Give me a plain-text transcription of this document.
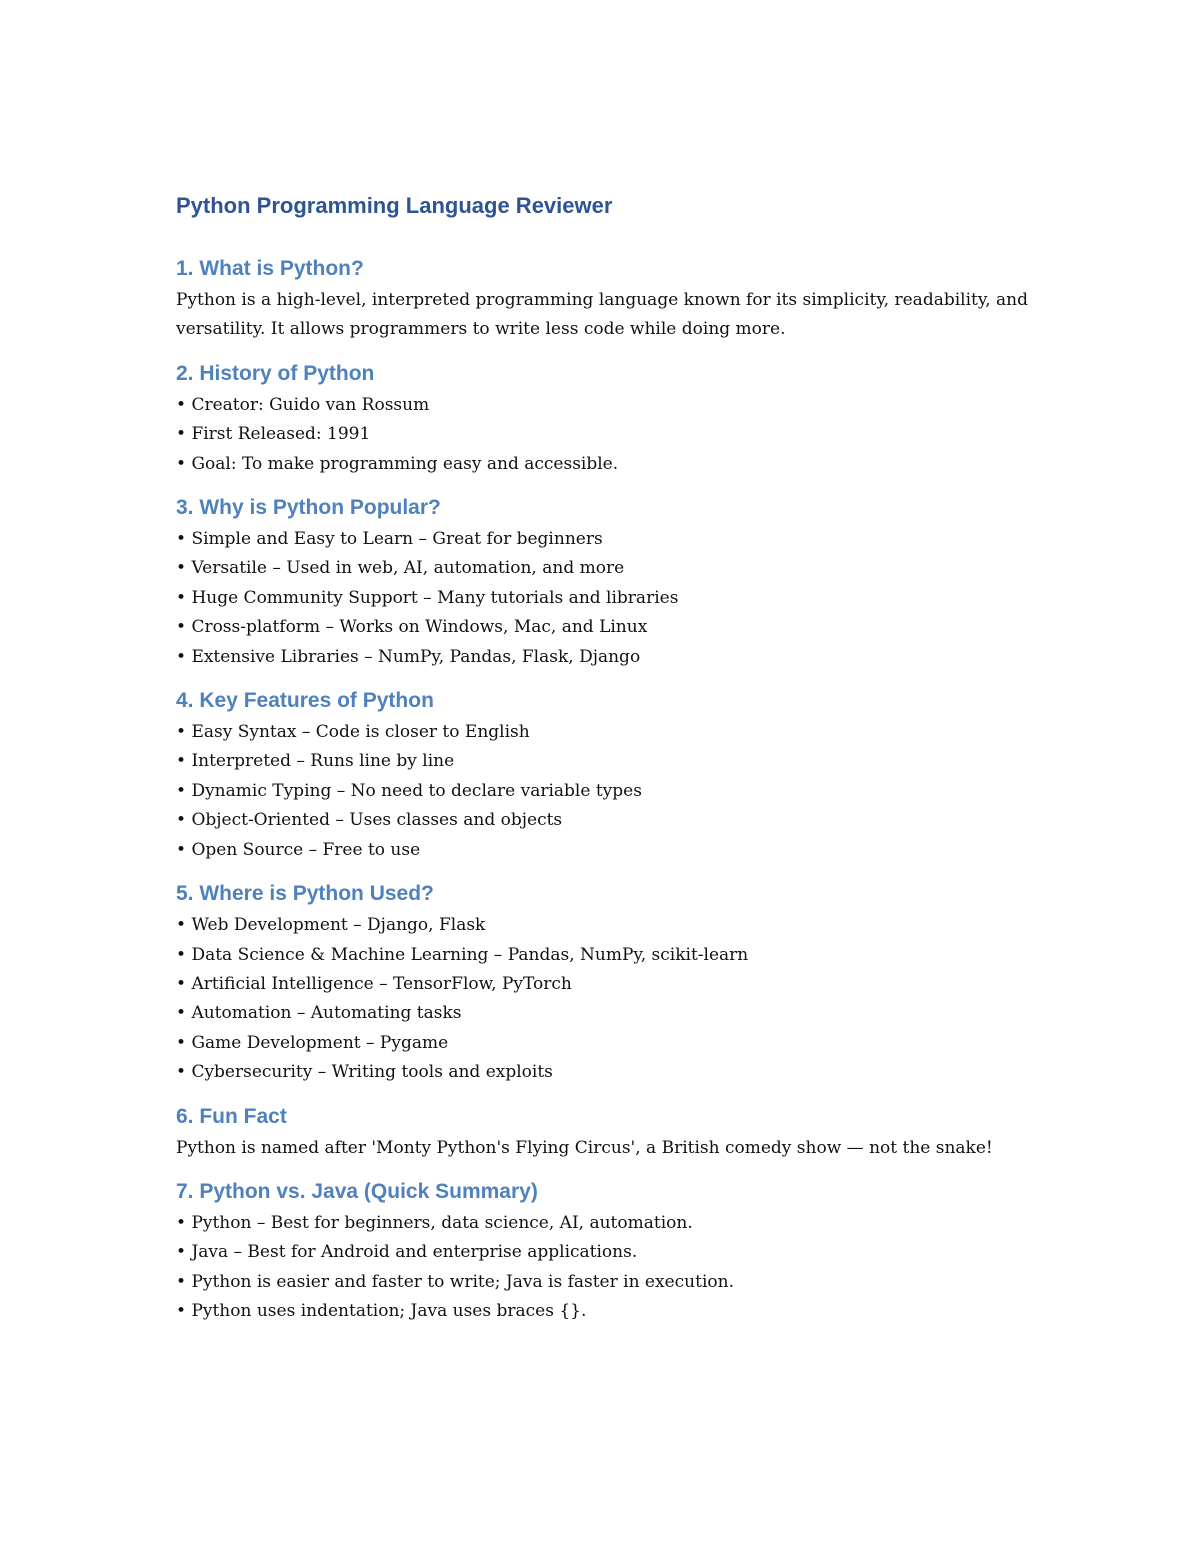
Python Programming Language Reviewer
1. What is Python?

Python is a high-level, interpreted programming language known for its simplicity, readability, and versatility. It allows programmers to write less code while doing more.

2. History of Python
• Creator: Guido van Rossum
• First Released: 1991
• Goal: To make programming easy and accessible.
3. Why is Python Popular?
• Simple and Easy to Learn – Great for beginners
• Versatile – Used in web, AI, automation, and more
• Huge Community Support – Many tutorials and libraries
• Cross-platform – Works on Windows, Mac, and Linux
• Extensive Libraries – NumPy, Pandas, Flask, Django
4. Key Features of Python
• Easy Syntax – Code is closer to English
• Interpreted – Runs line by line
• Dynamic Typing – No need to declare variable types
• Object-Oriented – Uses classes and objects
• Open Source – Free to use
5. Where is Python Used?
• Web Development – Django, Flask
• Data Science & Machine Learning – Pandas, NumPy, scikit-learn
• Artificial Intelligence – TensorFlow, PyTorch
• Automation – Automating tasks
• Game Development – Pygame
• Cybersecurity – Writing tools and exploits
6. Fun Fact

Python is named after 'Monty Python's Flying Circus', a British comedy show — not the snake!

7. Python vs. Java (Quick Summary)
• Python – Best for beginners, data science, AI, automation.
• Java – Best for Android and enterprise applications.
• Python is easier and faster to write; Java is faster in execution.
• Python uses indentation; Java uses braces {}.
